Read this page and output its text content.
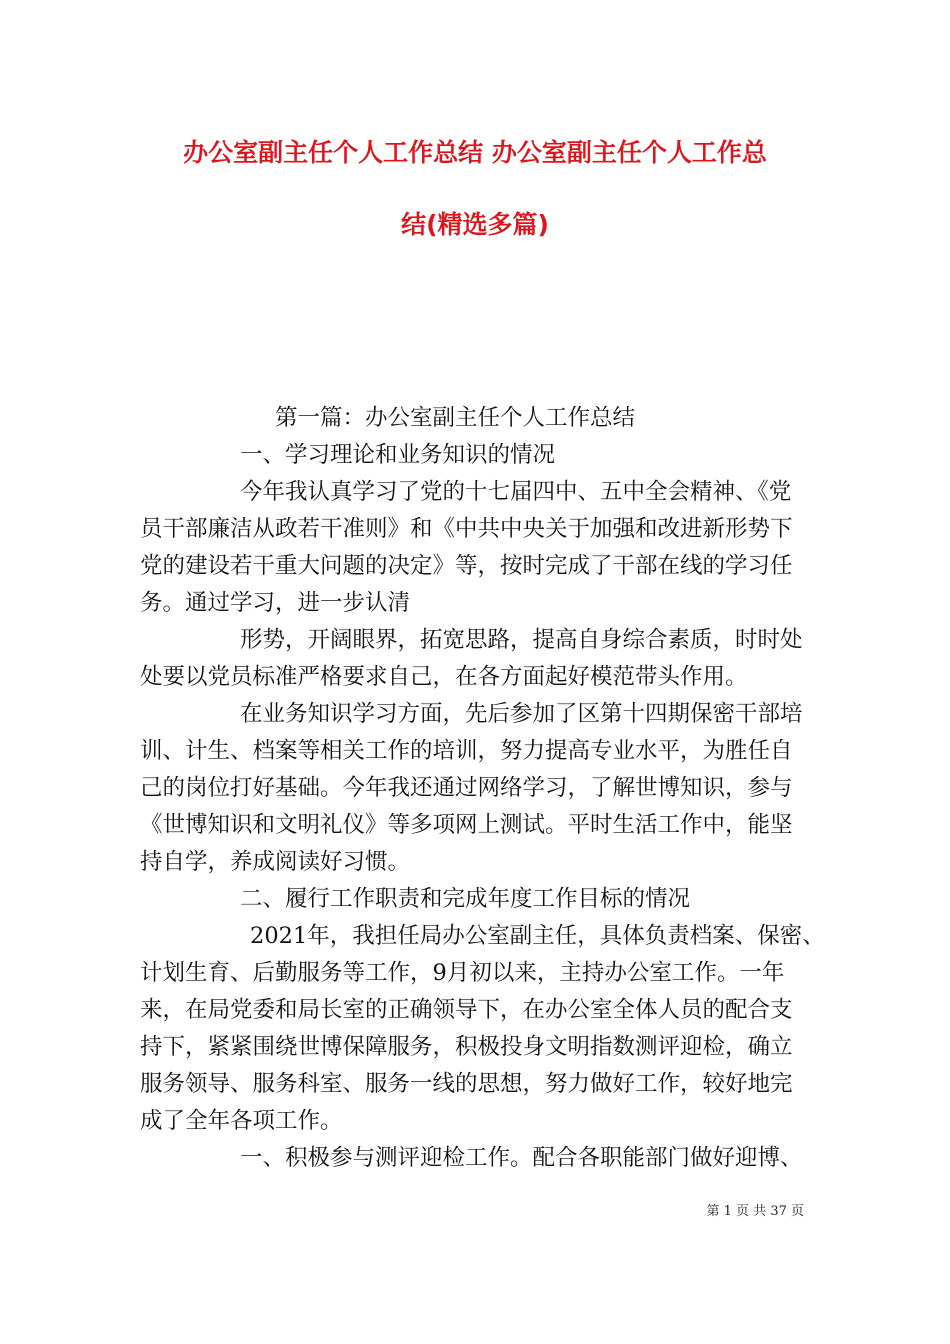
办公室副主任个人工作总结 办公室副主任个人工作总
结(精选多篇)
第一篇：办公室副主任个人工作总结
一、学习理论和业务知识的情况
今年我认真学习了党的十七届四中、五中全会精神、《党
员干部廉洁从政若干准则》和《中共中央关于加强和改进新形势下
党的建设若干重大问题的决定》等，按时完成了干部在线的学习任
务。通过学习，进一步认清
形势，开阔眼界，拓宽思路，提高自身综合素质，时时处
处要以党员标准严格要求自己，在各方面起好模范带头作用。
在业务知识学习方面，先后参加了区第十四期保密干部培
训、计生、档案等相关工作的培训，努力提高专业水平，为胜任自
己的岗位打好基础。今年我还通过网络学习，了解世博知识，参与
《世博知识和文明礼仪》等多项网上测试。平时生活工作中，能坚
持自学，养成阅读好习惯。
二、履行工作职责和完成年度工作目标的情况
2021年，我担任局办公室副主任，具体负责档案、保密、
计划生育、后勤服务等工作，9月初以来，主持办公室工作。一年
来，在局党委和局长室的正确领导下，在办公室全体人员的配合支
持下，紧紧围绕世博保障服务，积极投身文明指数测评迎检，确立
服务领导、服务科室、服务一线的思想，努力做好工作，较好地完
成了全年各项工作。
一、积极参与测评迎检工作。配合各职能部门做好迎博、
第 1 页 共 37 页
